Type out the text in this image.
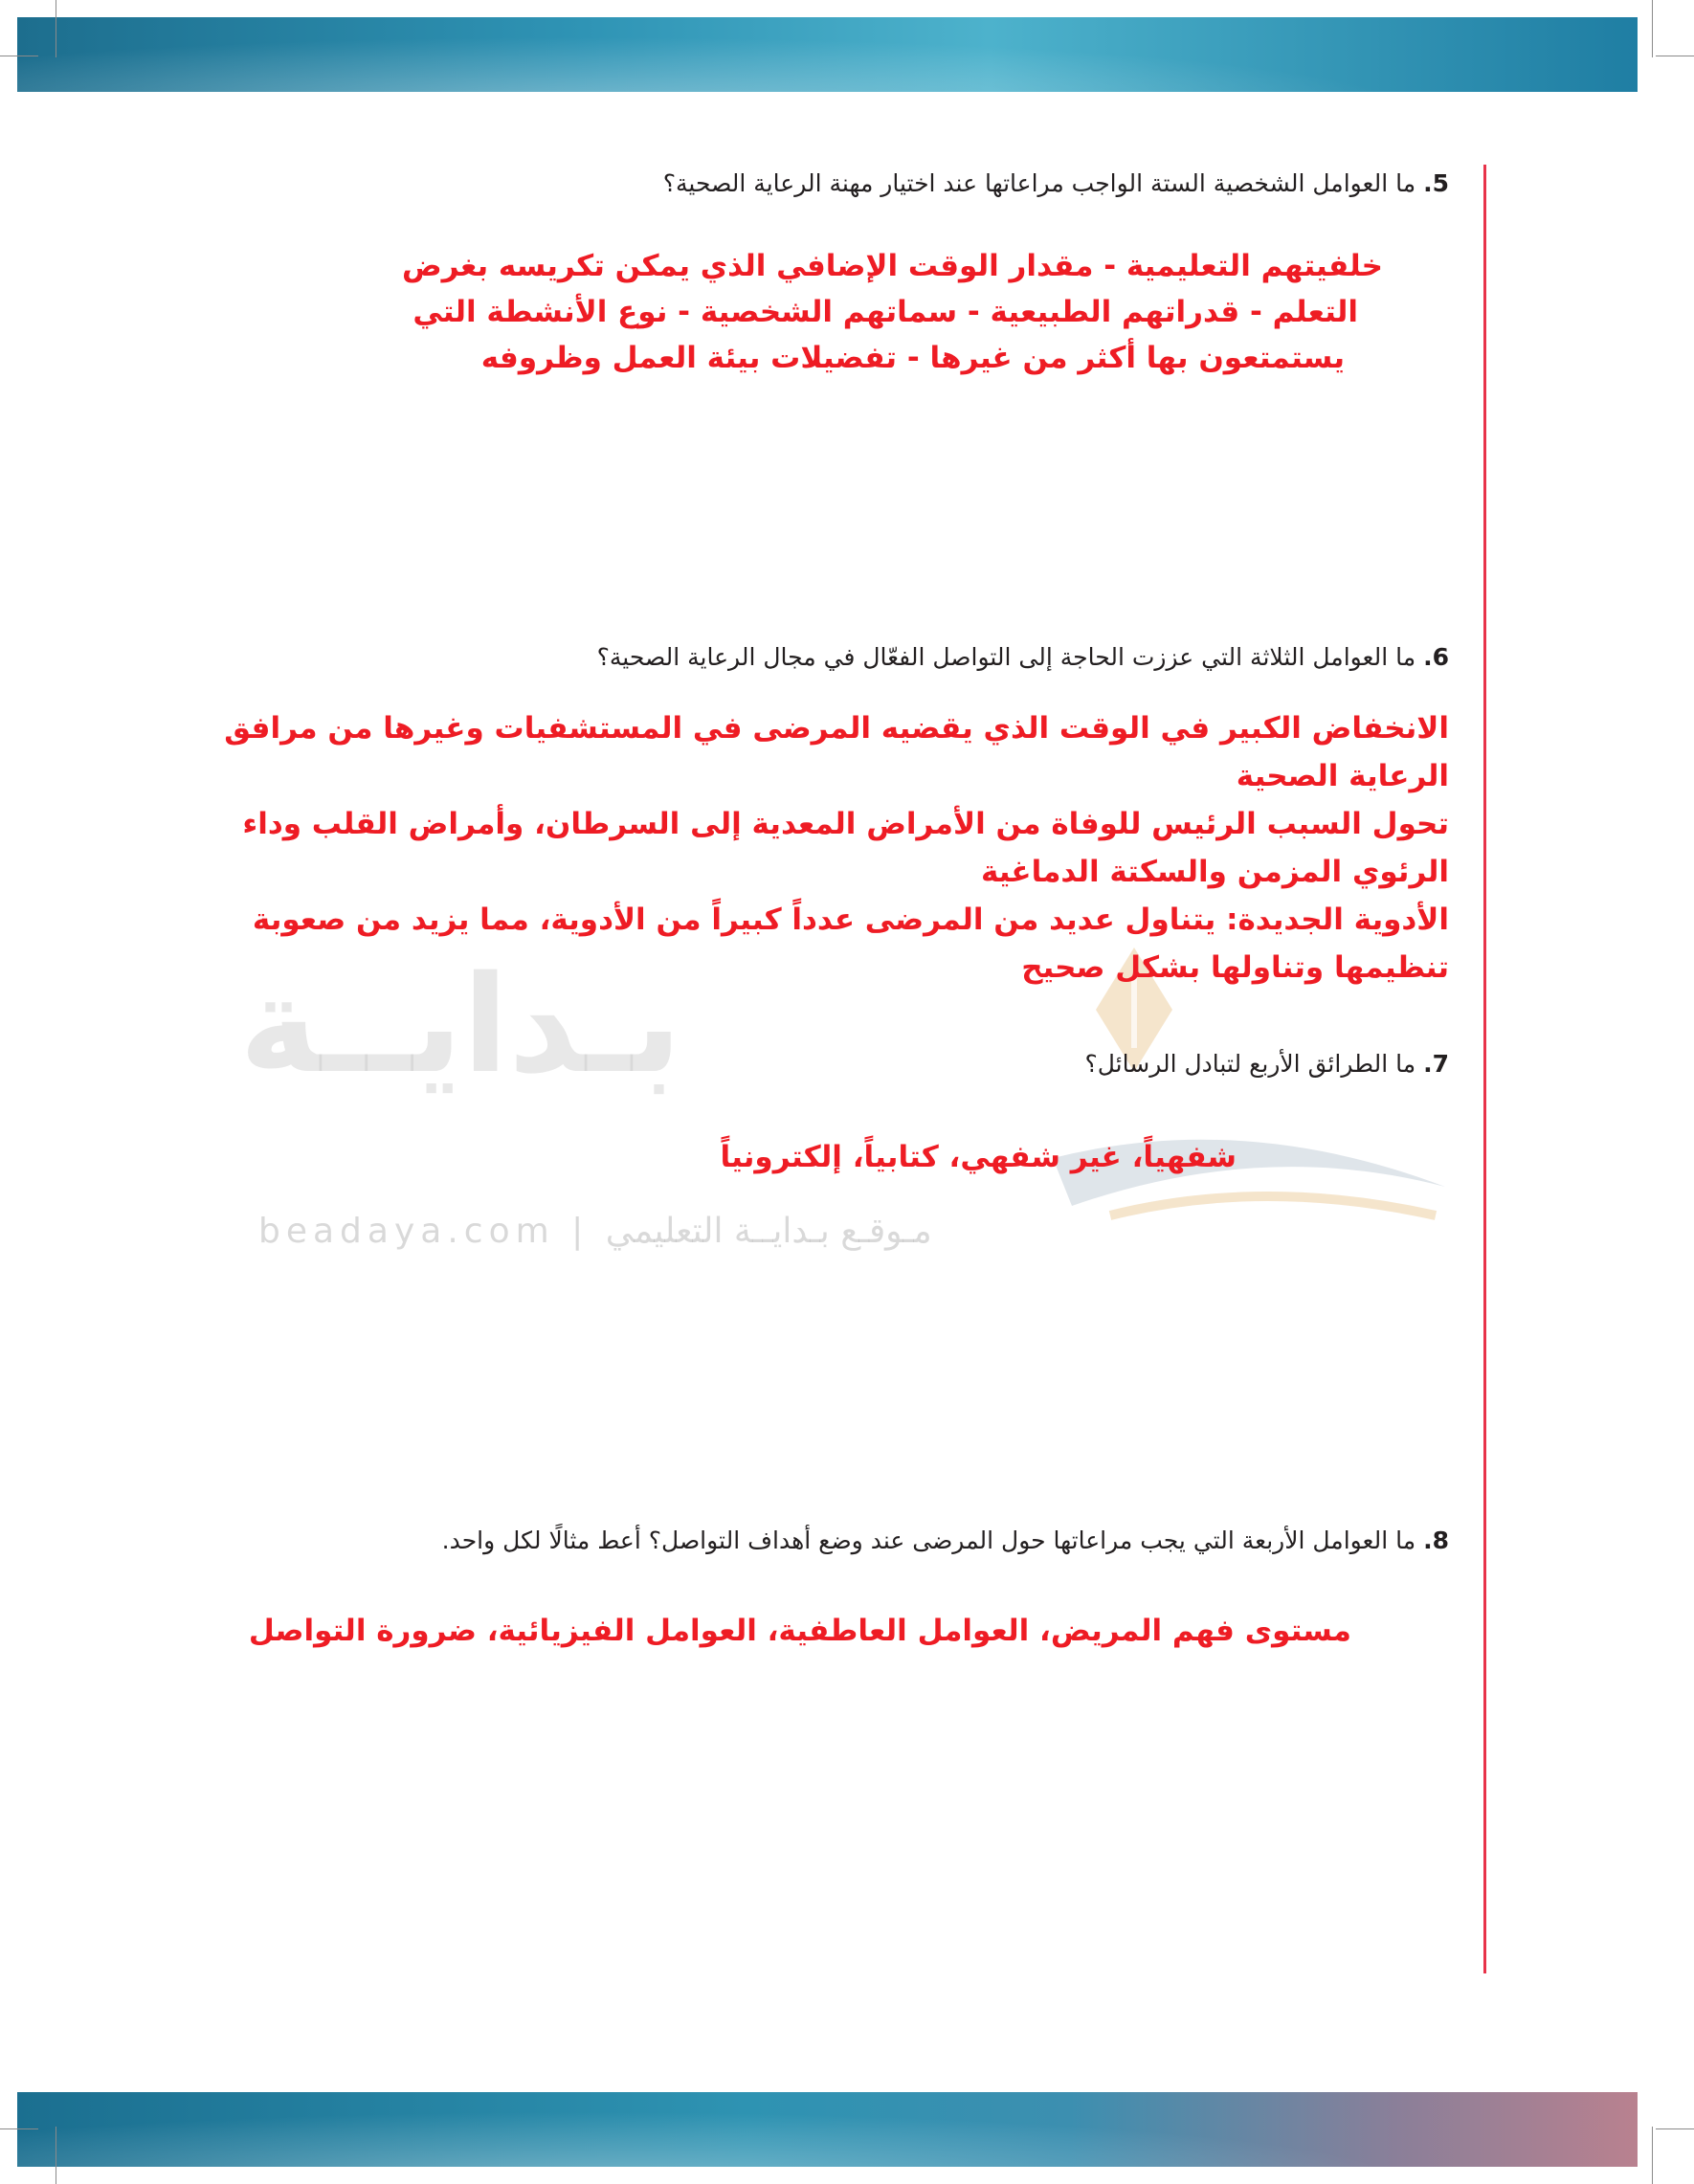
بـدايــة
beadaya.com | مـوقـع بـدايــة التعليمي
5. ما العوامل الشخصية الستة الواجب مراعاتها عند اختيار مهنة الرعاية الصحية؟
خلفيتهم التعليمية - مقدار الوقت الإضافي الذي يمكن تكريسه بغرض
التعلم - قدراتهم الطبيعية - سماتهم الشخصية - نوع الأنشطة التي
يستمتعون بها أكثر من غيرها - تفضيلات بيئة العمل وظروفه
6. ما العوامل الثلاثة التي عززت الحاجة إلى التواصل الفعّال في مجال الرعاية الصحية؟
الانخفاض الكبير في الوقت الذي يقضيه المرضى في المستشفيات وغيرها من مرافق
الرعاية الصحية
تحول السبب الرئيس للوفاة من الأمراض المعدية إلى السرطان، وأمراض القلب وداء
الرئوي المزمن والسكتة الدماغية
الأدوية الجديدة: يتناول عديد من المرضى عدداً كبيراً من الأدوية، مما يزيد من صعوبة
تنظيمها وتناولها بشكل صحيح
7. ما الطرائق الأربع لتبادل الرسائل؟
شفهياً، غير شفهي، كتابياً، إلكترونياً
8. ما العوامل الأربعة التي يجب مراعاتها حول المرضى عند وضع أهداف التواصل؟ أعط مثالًا لكل واحد.
مستوى فهم المريض، العوامل العاطفية، العوامل الفيزيائية، ضرورة التواصل
